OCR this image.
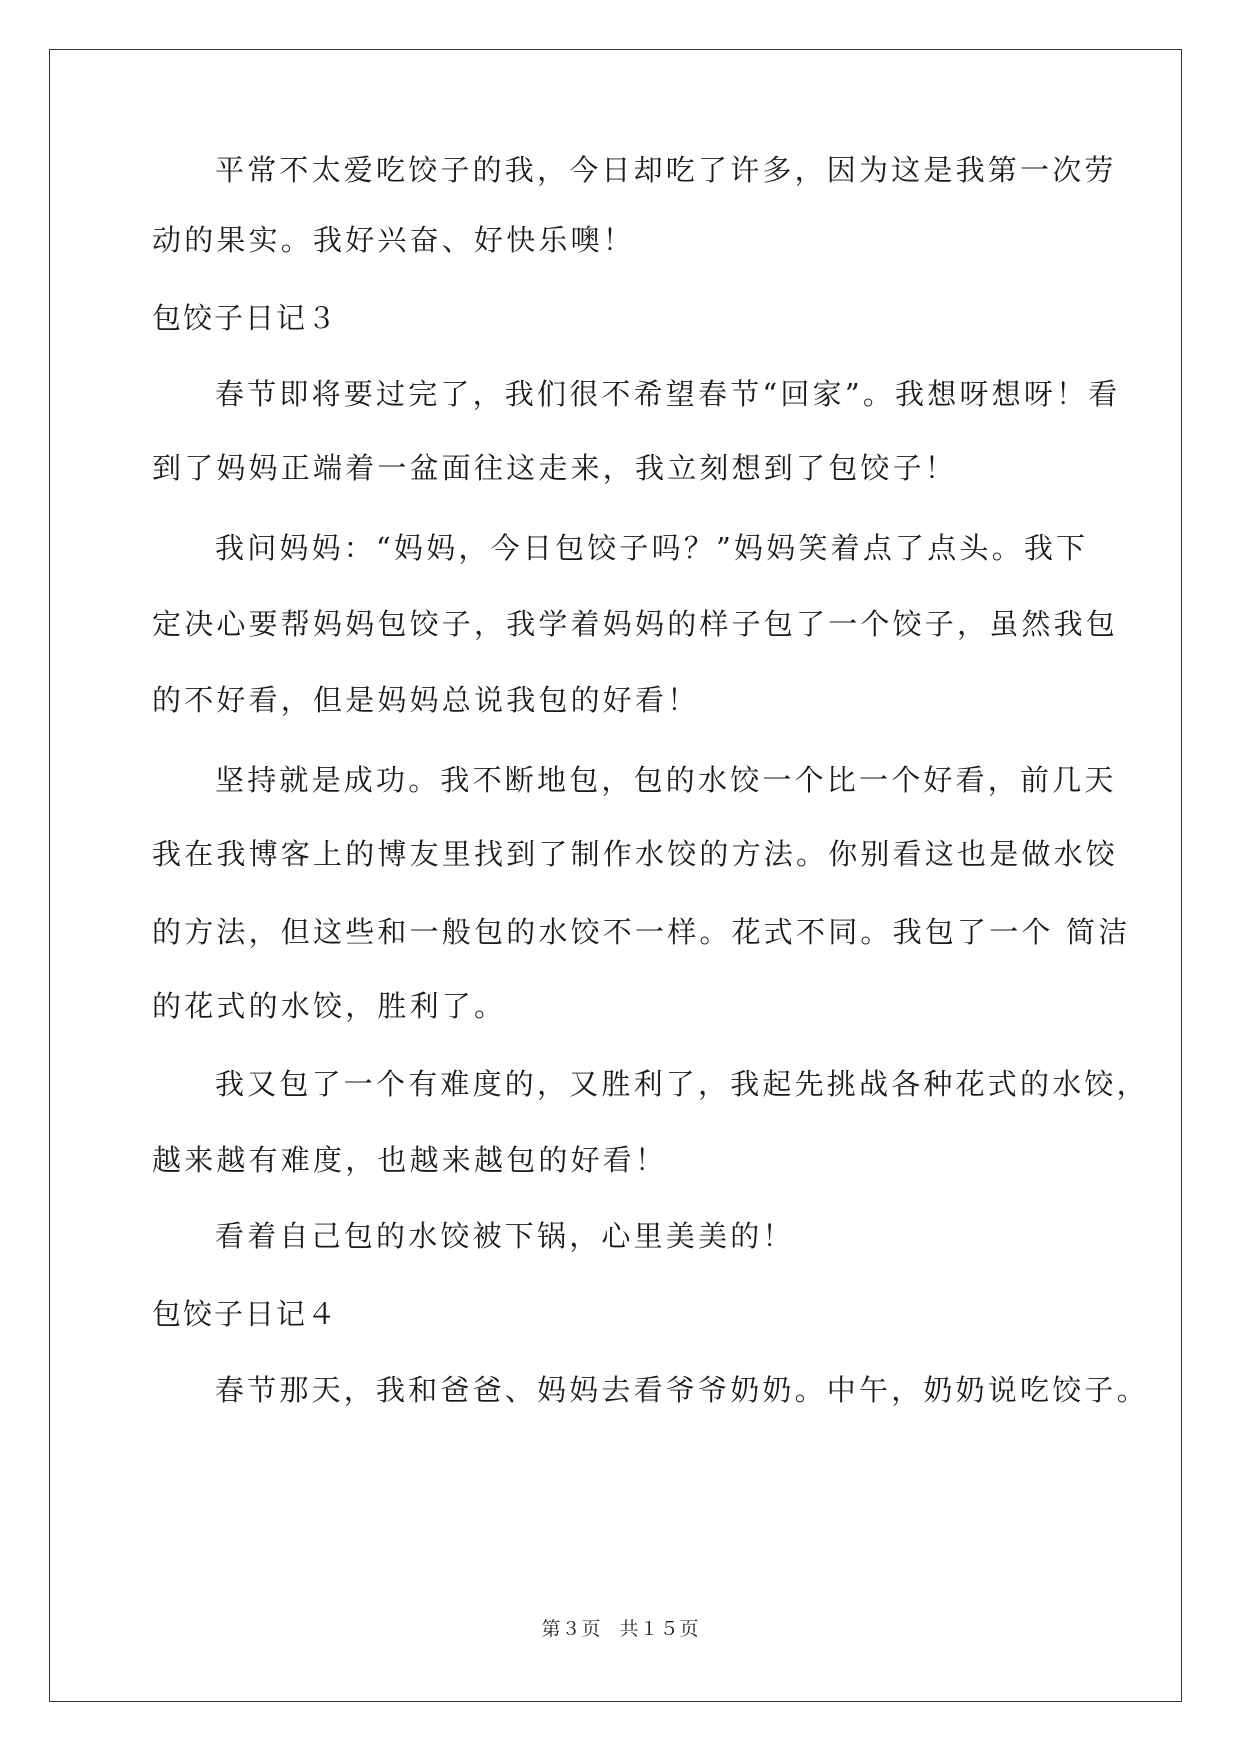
平常不太爱吃饺子的我，今日却吃了许多，因为这是我第一次劳
动的果实。我好兴奋、好快乐噢！
包饺子日记３
春节即将要过完了，我们很不希望春节“回家”。我想呀想呀！看
到了妈妈正端着一盆面往这走来，我立刻想到了包饺子！
我问妈妈：“妈妈，今日包饺子吗？”妈妈笑着点了点头。我下
定决心要帮妈妈包饺子，我学着妈妈的样子包了一个饺子，虽然我包
的不好看，但是妈妈总说我包的好看！
坚持就是成功。我不断地包，包的水饺一个比一个好看，前几天
我在我博客上的博友里找到了制作水饺的方法。你别看这也是做水饺
的方法，但这些和一般包的水饺不一样。花式不同。我包了一个 简洁
的花式的水饺，胜利了。
我又包了一个有难度的，又胜利了，我起先挑战各种花式的水饺，
越来越有难度，也越来越包的好看！
看着自己包的水饺被下锅，心里美美的！
包饺子日记４
春节那天，我和爸爸、妈妈去看爷爷奶奶。中午，奶奶说吃饺子。
第３页 共１５页
